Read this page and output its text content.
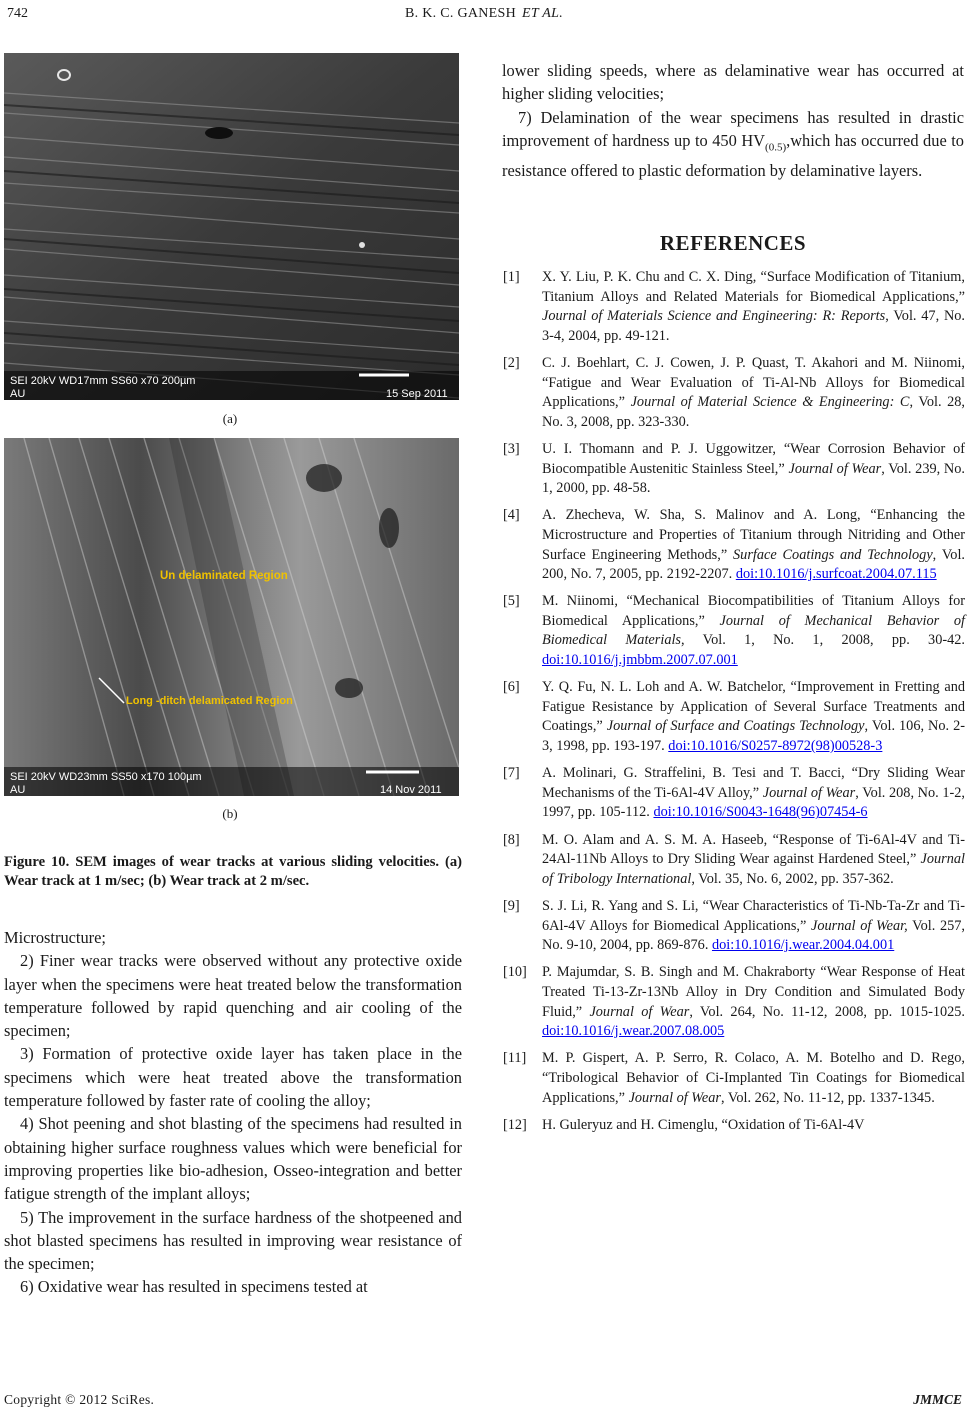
742	B. K. C. GANESH ET AL.
SEI 20kV WD17mm SS60 x70 200µm
AU	15 Sep 2011
(a)
Un delaminated Region
Long -ditch delamicated Region
SEI 20kV WD23mm SS50 x170 100µm
AU	14 Nov 2011
(b)
Figure 10. SEM images of wear tracks at various sliding velocities. (a) Wear track at 1 m/sec; (b) Wear track at 2 m/sec.

Microstructure;

2) Finer wear tracks were observed without any protective oxide layer when the specimens were heat treated below the transformation temperature followed by rapid quenching and air cooling of the specimen;

3) Formation of protective oxide layer has taken place in the specimens which were heat treated above the transformation temperature followed by faster rate of cooling the alloy;

4) Shot peening and shot blasting of the specimens had resulted in obtaining higher surface roughness values which were beneficial for improving properties like bio-adhesion, Osseo-integration and better fatigue strength of the implant alloys;

5) The improvement in the surface hardness of the shotpeened and shot blasted specimens has resulted in improving wear resistance of the specimen;

6) Oxidative wear has resulted in specimens tested at

lower sliding speeds, where as delaminative wear has occurred at higher sliding velocities;

7) Delamination of the wear specimens has resulted in drastic improvement of hardness up to 450 $HV_{(0.5)},which$ has occurred due to resistance offered to plastic deformation by delaminative layers.

REFERENCES
[1] X. Y. Liu, P. K. Chu and C. X. Ding, “Surface Modification of Titanium, Titanium Alloys and Related Materials for Biomedical Applications,” Journal of Materials Science and Engineering: R: Reports, Vol. 47, No. 3-4, 2004, pp. 49-121.
[2] C. J. Boehlart, C. J. Cowen, J. P. Quast, T. Akahori and M. Niinomi, “Fatigue and Wear Evaluation of Ti-Al-Nb Alloys for Biomedical Applications,” Journal of Material Science & Engineering: C, Vol. 28, No. 3, 2008, pp. 323-330.
[3] U. I. Thomann and P. J. Uggowitzer, “Wear Corrosion Behavior of Biocompatible Austenitic Stainless Steel,” Journal of Wear, Vol. 239, No. 1, 2000, pp. 48-58.
[4] A. Zhecheva, W. Sha, S. Malinov and A. Long, “Enhancing the Microstructure and Properties of Titanium through Nitriding and Other Surface Engineering Methods,” Surface Coatings and Technology, Vol. 200, No. 7, 2005, pp. 2192-2207. doi:10.1016/j.surfcoat.2004.07.115
[5] M. Niinomi, “Mechanical Biocompatibilities of Titanium Alloys for Biomedical Applications,” Journal of Mechanical Behavior of Biomedical Materials, Vol. 1, No. 1, 2008, pp. 30-42. doi:10.1016/j.jmbbm.2007.07.001
[6] Y. Q. Fu, N. L. Loh and A. W. Batchelor, “Improvement in Fretting and Fatigue Resistance by Application of Several Surface Treatments and Coatings,” Journal of Surface and Coatings Technology, Vol. 106, No. 2-3, 1998, pp. 193-197. doi:10.1016/S0257-8972(98)00528-3
[7] A. Molinari, G. Straffelini, B. Tesi and T. Bacci, “Dry Sliding Wear Mechanisms of the Ti-6Al-4V Alloy,” Journal of Wear, Vol. 208, No. 1-2, 1997, pp. 105-112. doi:10.1016/S0043-1648(96)07454-6
[8] M. O. Alam and A. S. M. A. Haseeb, “Response of Ti-6Al-4V and Ti-24Al-11Nb Alloys to Dry Sliding Wear against Hardened Steel,” Journal of Tribology International, Vol. 35, No. 6, 2002, pp. 357-362.
[9] S. J. Li, R. Yang and S. Li, “Wear Characteristics of Ti-Nb-Ta-Zr and Ti-6Al-4V Alloys for Biomedical Applications,” Journal of Wear, Vol. 257, No. 9-10, 2004, pp. 869-876. doi:10.1016/j.wear.2004.04.001
[10] P. Majumdar, S. B. Singh and M. Chakraborty “Wear Response of Heat Treated Ti-13-Zr-13Nb Alloy in Dry Condition and Simulated Body Fluid,” Journal of Wear, Vol. 264, No. 11-12, 2008, pp. 1015-1025. doi:10.1016/j.wear.2007.08.005
[11] M. P. Gispert, A. P. Serro, R. Colaco, A. M. Botelho and D. Rego, “Tribological Behavior of Ci-Implanted Tin Coatings for Biomedical Applications,” Journal of Wear, Vol. 262, No. 11-12, pp. 1337-1345.
[12] H. Guleryuz and H. Cimenglu, “Oxidation of Ti-6Al-4V
Copyright © 2012 SciRes.	JMMCE
